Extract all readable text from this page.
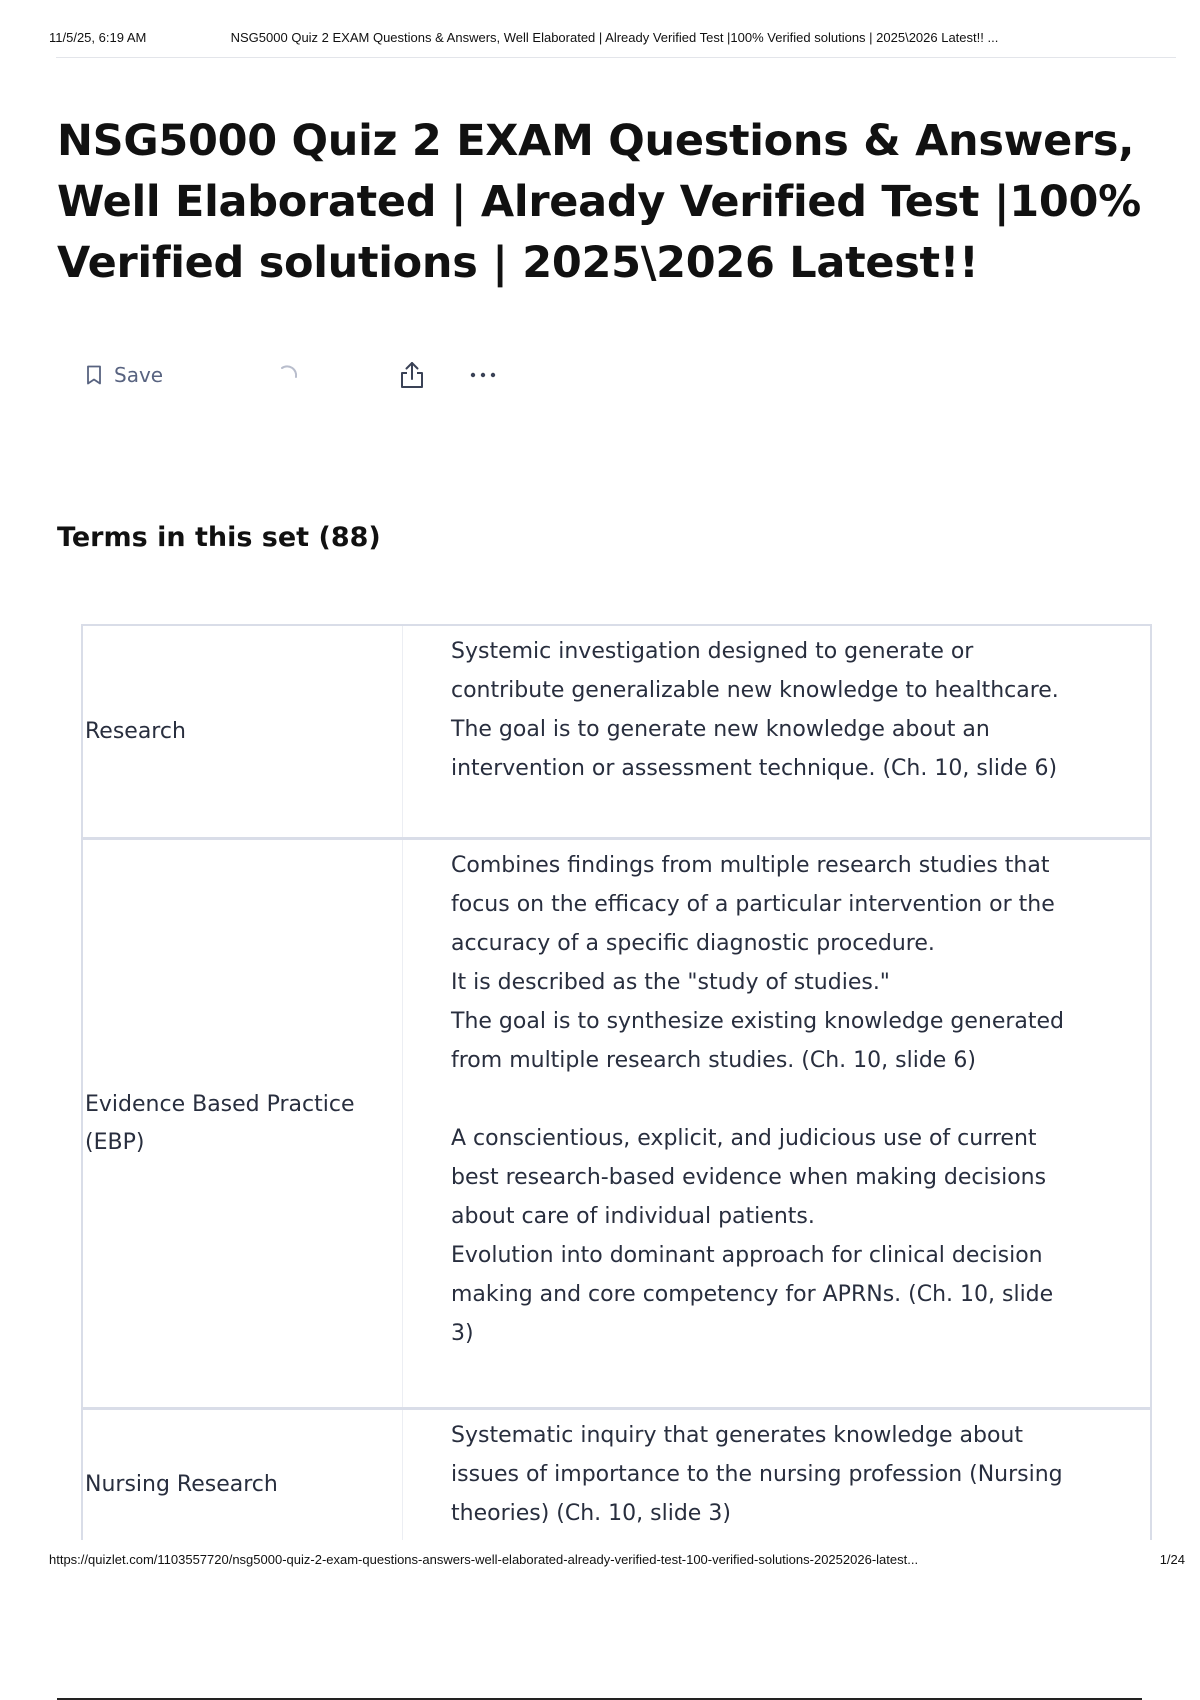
11/5/25, 6:19 AM	NSG5000 Quiz 2 EXAM Questions & Answers, Well Elaborated | Already Verified Test |100% Verified solutions | 2025\2026 Latest!! ...
NSG5000 Quiz 2 EXAM Questions & Answers, Well Elaborated | Already Verified Test |100% Verified solutions | 2025\2026 Latest!!
Save
Terms in this set (88)
Research
Systemic investigation designed to generate or contribute generalizable new knowledge to healthcare.
The goal is to generate new knowledge about an intervention or assessment technique. (Ch. 10, slide 6)
Evidence Based Practice (EBP)
Combines findings from multiple research studies that focus on the efficacy of a particular intervention or the accuracy of a specific diagnostic procedure.
It is described as the "study of studies."
The goal is to synthesize existing knowledge generated from multiple research studies. (Ch. 10, slide 6)

A conscientious, explicit, and judicious use of current best research-based evidence when making decisions about care of individual patients.
Evolution into dominant approach for clinical decision making and core competency for APRNs. (Ch. 10, slide 3)
Nursing Research
Systematic inquiry that generates knowledge about issues of importance to the nursing profession (Nursing theories) (Ch. 10, slide 3)
https://quizlet.com/1103557720/nsg5000-quiz-2-exam-questions-answers-well-elaborated-already-verified-test-100-verified-solutions-20252026-latest...	1/24
